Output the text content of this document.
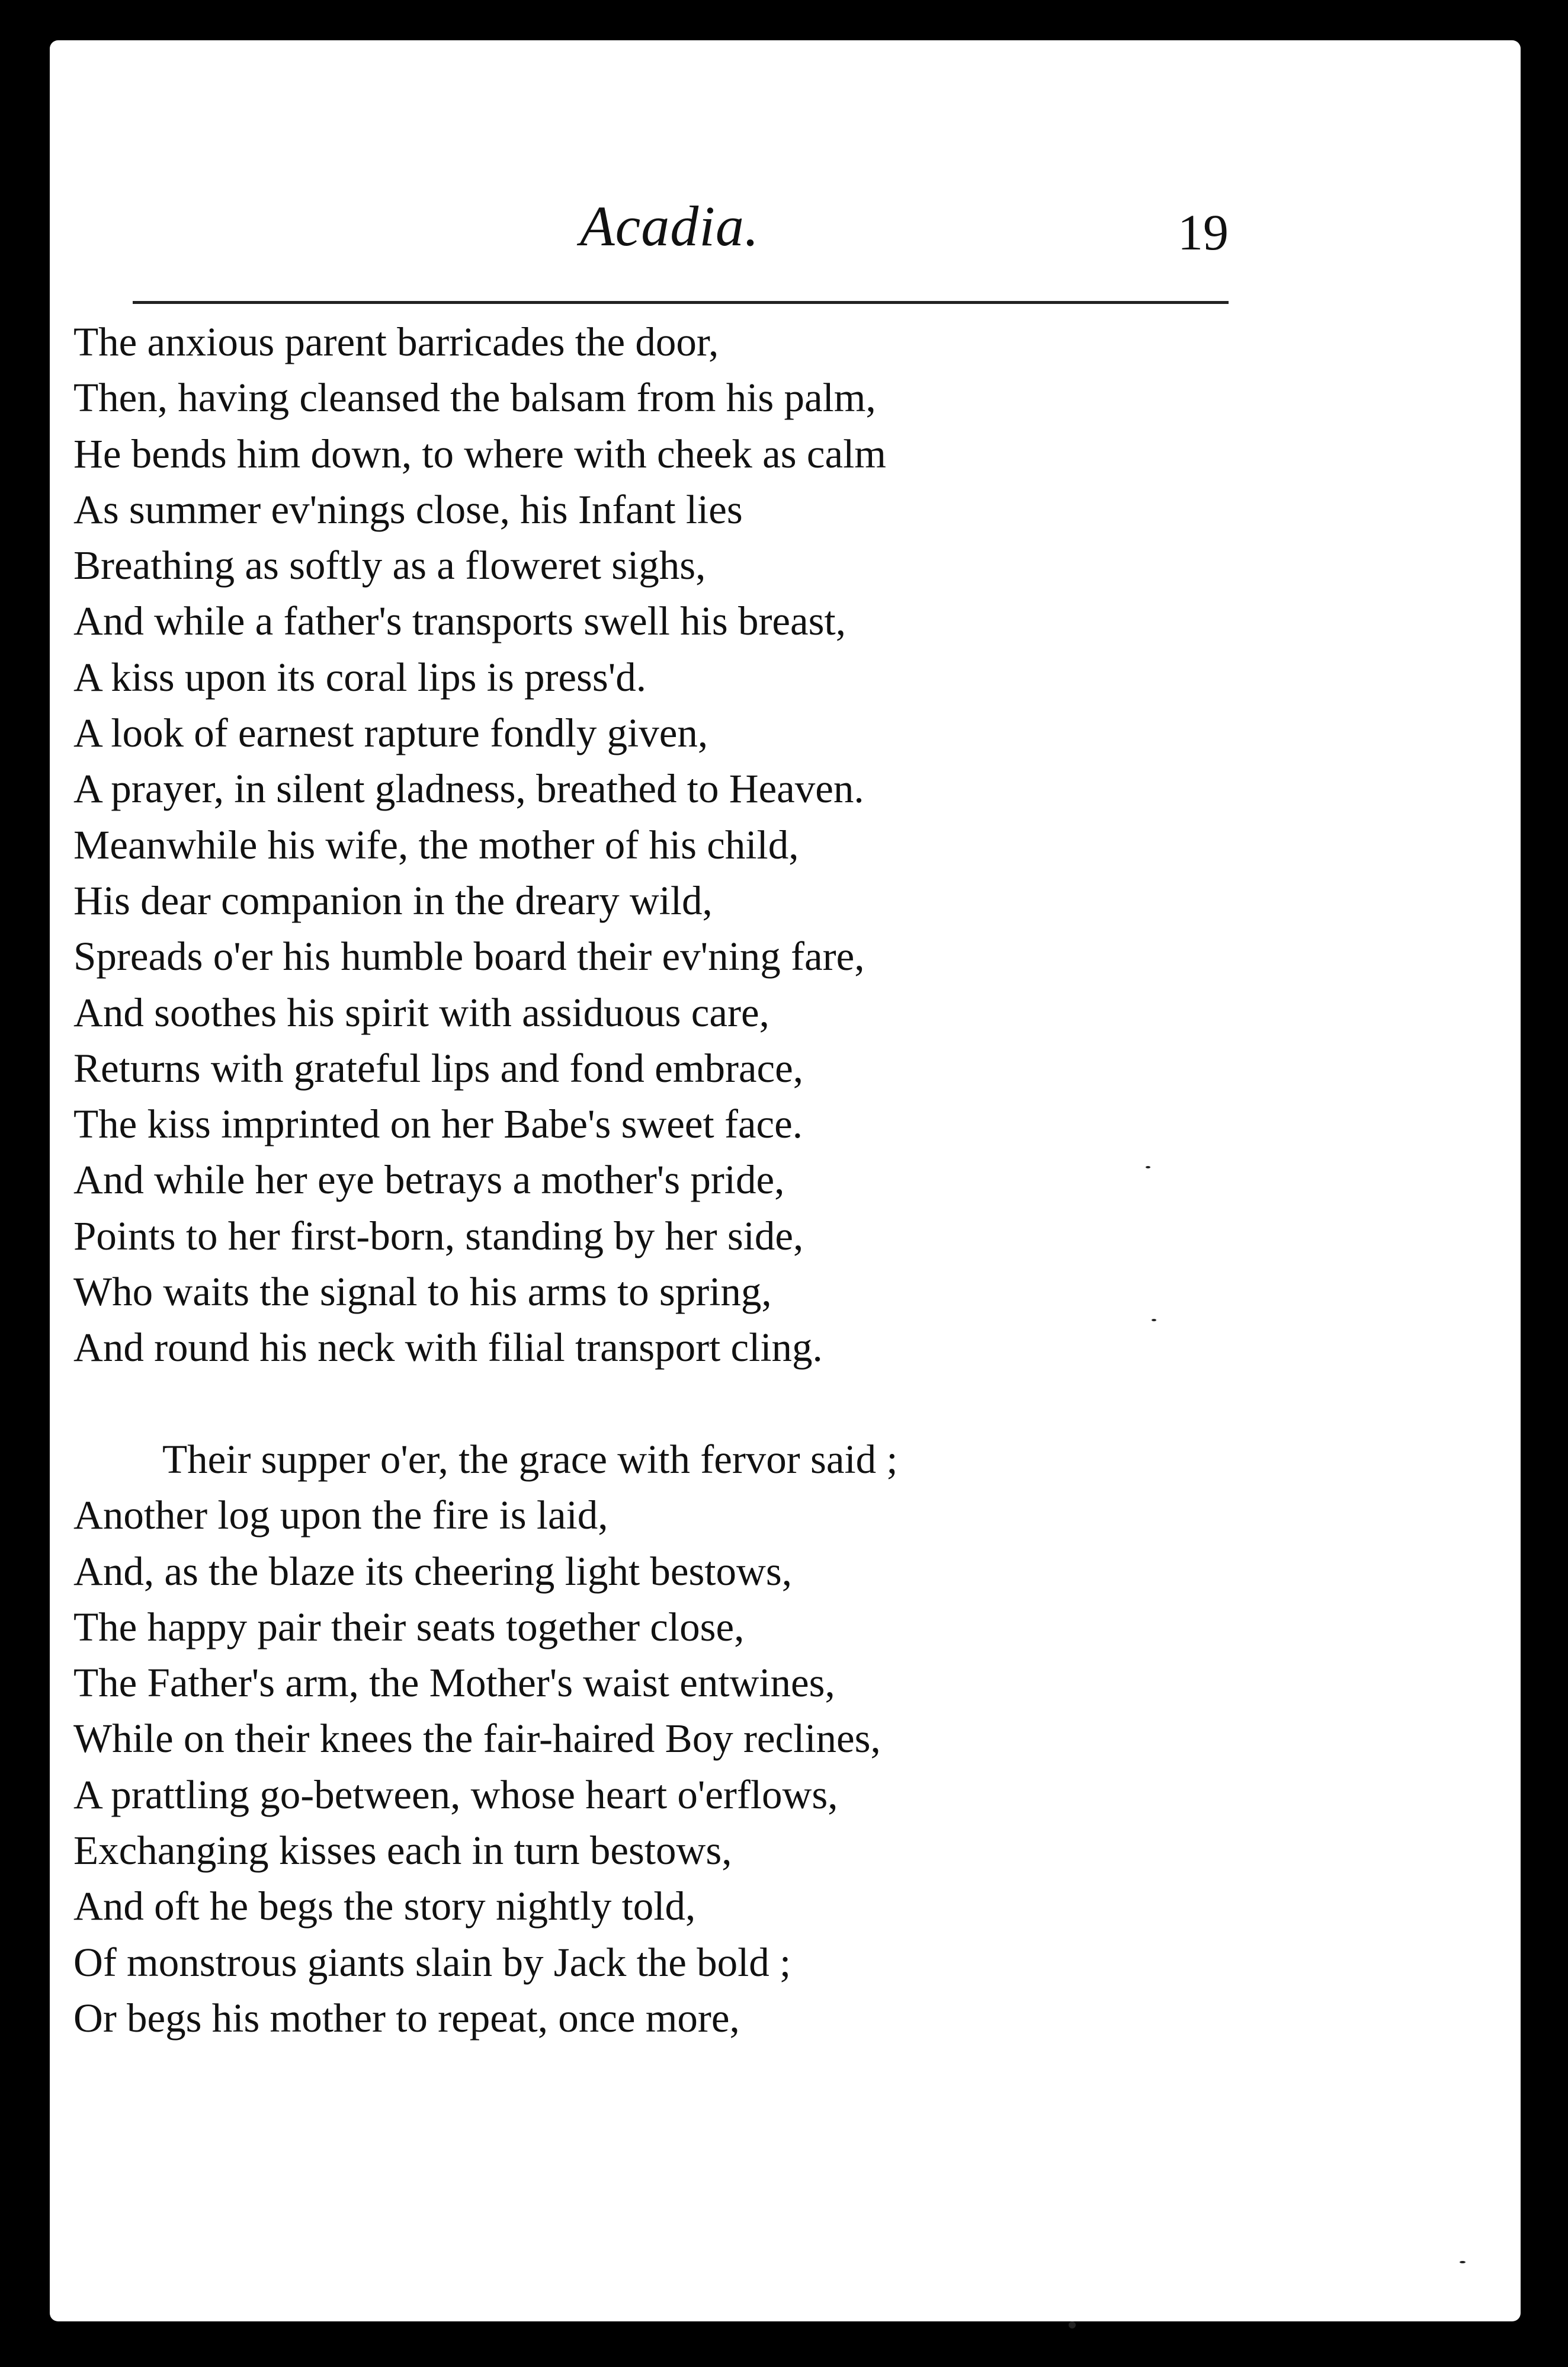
Acadia.	19
The anxious parent barricades the door,
Then, having cleansed the balsam from his palm,
He bends him down, to where with cheek as calm
As summer ev'nings close, his Infant lies
Breathing as softly as a floweret sighs,
And while a father's transports swell his breast,
A kiss upon its coral lips is press'd.
A look of earnest rapture fondly given,
A prayer, in silent gladness, breathed to Heaven.
Meanwhile his wife, the mother of his child,
His dear companion in the dreary wild,
Spreads o'er his humble board their ev'ning fare,
And soothes his spirit with assiduous care,
Returns with grateful lips and fond embrace,
The kiss imprinted on her Babe's sweet face.
And while her eye betrays a mother's pride,
Points to her first-born, standing by her side,
Who waits the signal to his arms to spring,
And round his neck with filial transport cling.
Their supper o'er, the grace with fervor said ;
Another log upon the fire is laid,
And, as the blaze its cheering light bestows,
The happy pair their seats together close,
The Father's arm, the Mother's waist entwines,
While on their knees the fair-haired Boy reclines,
A prattling go-between, whose heart o'erflows,
Exchanging kisses each in turn bestows,
And oft he begs the story nightly told,
Of monstrous giants slain by Jack the bold ;
Or begs his mother to repeat, once more,
